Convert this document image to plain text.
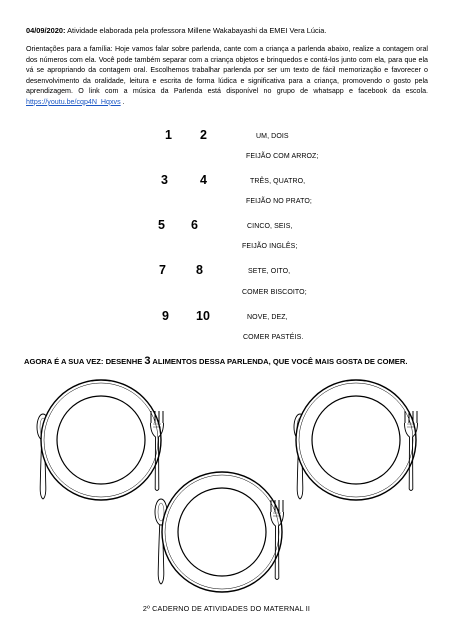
04/09/2020: Atividade elaborada pela professora Millene Wakabayashi da EMEI Vera Lúcia.
Orientações para a família: Hoje vamos falar sobre parlenda, cante com a criança a parlenda abaixo, realize a contagem oral dos números com ela. Você pode também separar com a criança objetos e brinquedos e contá-los junto com ela, para que ela vá se apropriando da contagem oral. Escolhemos trabalhar parlenda por ser um texto de fácil memorização e favorecer o desenvolvimento da oralidade, leitura e escrita de forma lúdica e significativa para a criança, promovendo o gosto pela aprendizagem. O link com a música da Parlenda está disponível no grupo de whatsapp e facebook da escola. https://youtu.be/cqp4N_Hqxvs .
1 2	UM, DOIS
FEIJÃO COM ARROZ;
3	4	TRÊS, QUATRO,
FEIJÃO NO PRATO;
5 6	CINCO, SEIS,
FEIJÃO INGLÊS;
7 8	SETE, OITO,
COMER BISCOITO;
9 10	NOVE, DEZ,
COMER PASTÉIS.
AGORA É A SUA VEZ: DESENHE 3 ALIMENTOS DESSA PARLENDA, QUE VOCÊ MAIS GOSTA DE COMER.
2º CADERNO DE ATIVIDADES DO MATERNAL II
